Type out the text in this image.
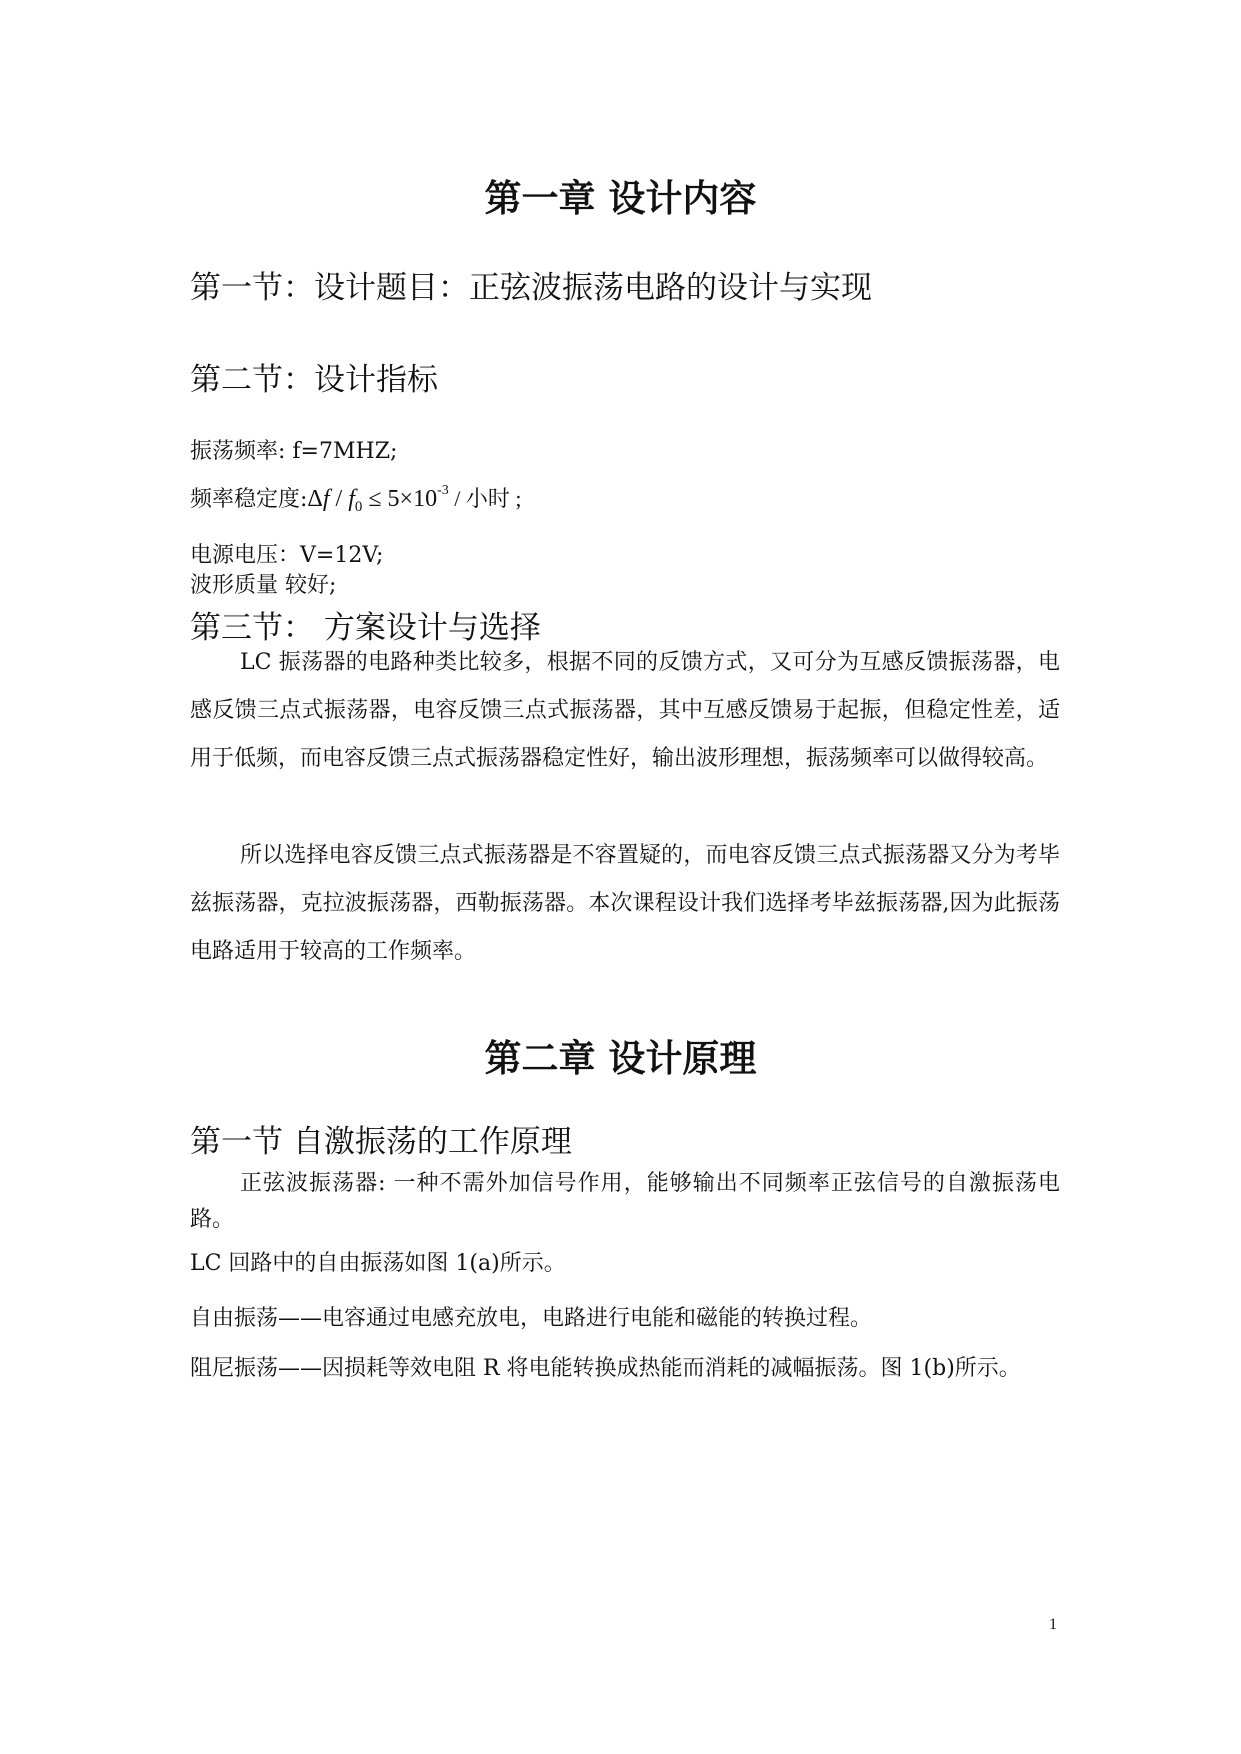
第一章 设计内容
第一节：设计题目：正弦波振荡电路的设计与实现
第二节：设计指标
振荡频率: f=7MHZ;
频率稳定度:Δf / $f_0 \le 5\times 10^{-3}$ / 小时 ;
电源电压：V=12V;
波形质量 较好;
第三节： 方案设计与选择
LC 振荡器的电路种类比较多，根据不同的反馈方式，又可分为互感反馈振荡器，电感反馈三点式振荡器，电容反馈三点式振荡器，其中互感反馈易于起振，但稳定性差，适用于低频，而电容反馈三点式振荡器稳定性好，输出波形理想，振荡频率可以做得较高。
所以选择电容反馈三点式振荡器是不容置疑的，而电容反馈三点式振荡器又分为考毕兹振荡器，克拉波振荡器，西勒振荡器。本次课程设计我们选择考毕兹振荡器,因为此振荡电路适用于较高的工作频率。
第二章 设计原理
第一节 自激振荡的工作原理
正弦波振荡器: 一种不需外加信号作用，能够输出不同频率正弦信号的自激振荡电路。
LC 回路中的自由振荡如图 1(a)所示。
自由振荡——电容通过电感充放电，电路进行电能和磁能的转换过程。
阻尼振荡——因损耗等效电阻 R 将电能转换成热能而消耗的减幅振荡。图 1(b)所示。
1
